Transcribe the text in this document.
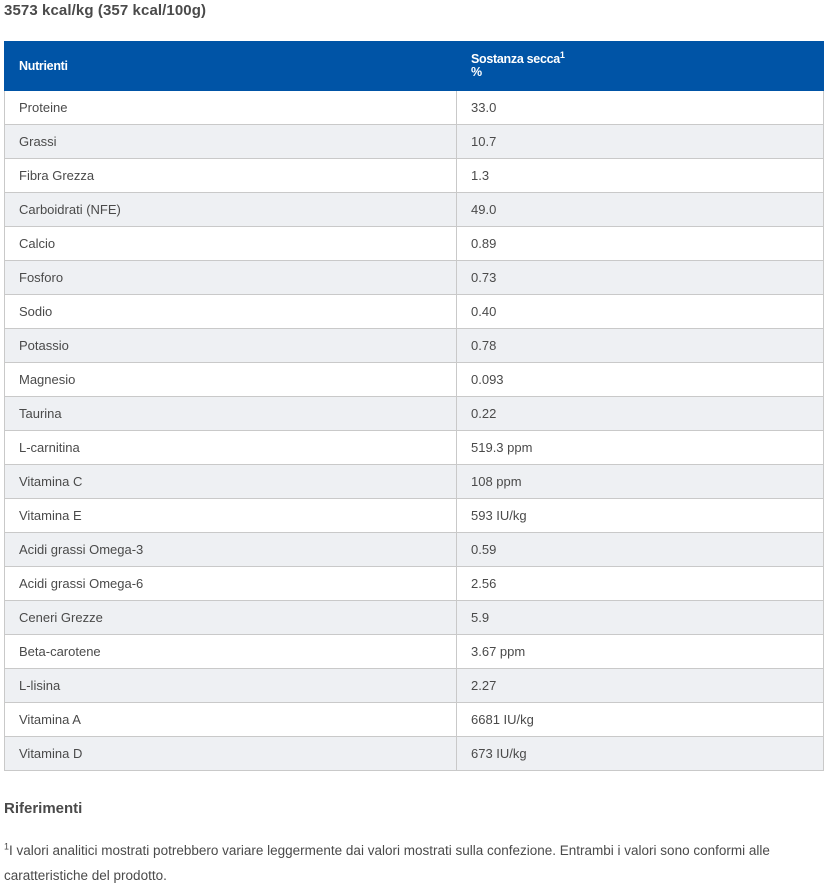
3573 kcal/kg (357 kcal/100g)
Nutrienti	Sostanza secca$^1$
%
Proteine	33.0
Grassi	10.7
Fibra Grezza	1.3
Carboidrati (NFE)	49.0
Calcio	0.89
Fosforo	0.73
Sodio	0.40
Potassio	0.78
Magnesio	0.093
Taurina	0.22
L-carnitina	519.3 ppm
Vitamina C	108 ppm
Vitamina E	593 IU/kg
Acidi grassi Omega-3	0.59
Acidi grassi Omega-6	2.56
Ceneri Grezze	5.9
Beta-carotene	3.67 ppm
L-lisina	2.27
Vitamina A	6681 IU/kg
Vitamina D	673 IU/kg
Riferimenti
$^1$I valori analitici mostrati potrebbero variare leggermente dai valori mostrati sulla confezione. Entrambi i valori sono conformi alle caratteristiche del prodotto.
